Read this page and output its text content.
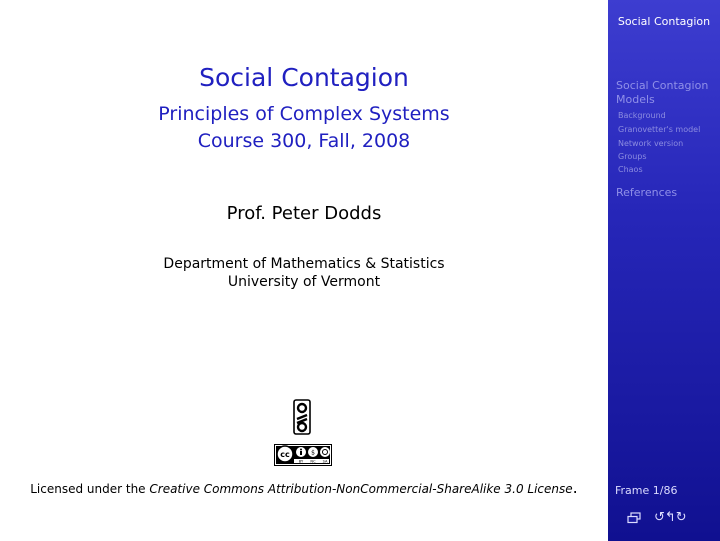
Social Contagion
Principles of Complex Systems
Course 300, Fall, 2008
Prof. Peter Dodds
Department of Mathematics & Statistics
University of Vermont
cc	$
BY NC SA
Licensed under the Creative Commons Attribution-NonCommercial-ShareAlike 3.0 License.
Social Contagion
Social Contagion Models
Background
Granovetter's model
Network version
Groups
Chaos
References
Frame 1/86
↺↰↻
